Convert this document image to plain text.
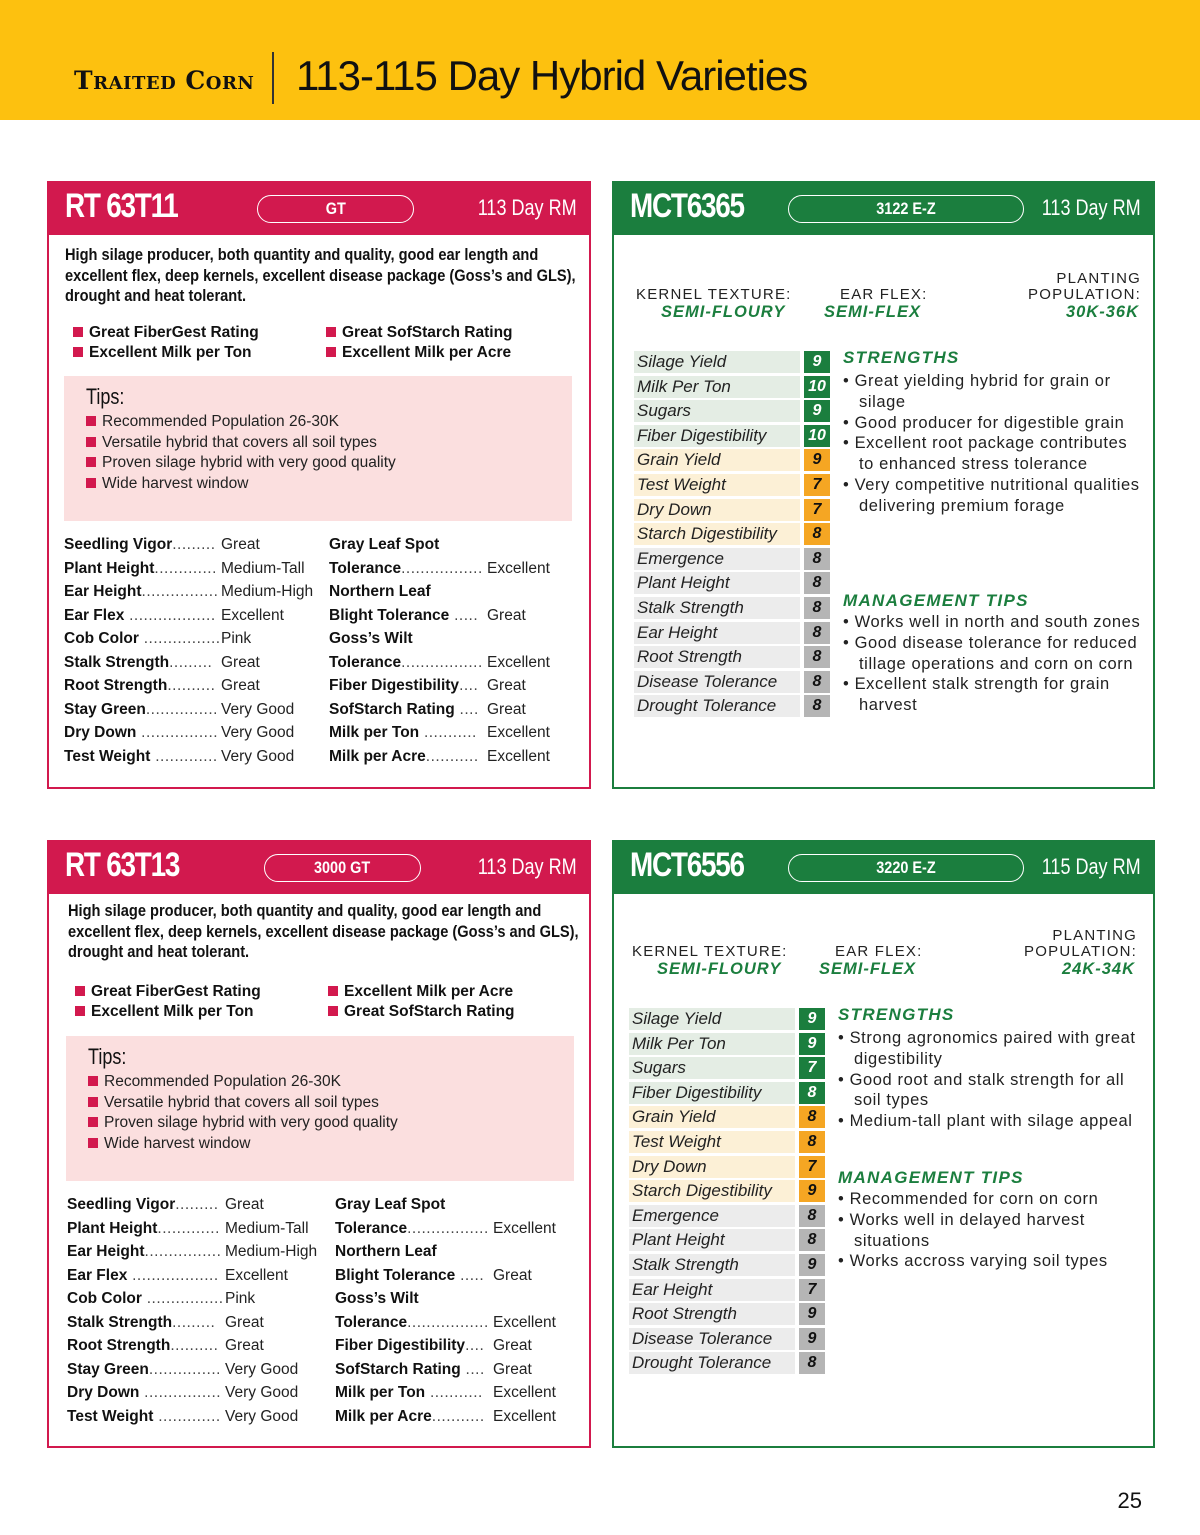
Traited Corn 113-115 Day Hybrid Varieties
RT 63T11	GT	113 Day RM
High silage producer, both quantity and quality, good ear length and excellent flex, deep kernels, excellent disease package (Goss’s and GLS), drought and heat tolerant.
Great FiberGest Rating
Excellent Milk per Ton
Great SofStarch Rating
Excellent Milk per Acre
Tips:
Recommended Population 26-30K
Versatile hybrid that covers all soil types
Proven silage hybrid with very good quality
Wide harvest window
Seedling Vigor......... Great
Plant Height............. Medium-Tall
Ear Height................ Medium-High
Ear Flex .................. Excellent
Cob Color ................ Pink
Stalk Strength......... Great
Root Strength.......... Great
Stay Green............... Very Good
Dry Down ................ Very Good
Test Weight ............. Very Good
Gray Leaf Spot
Tolerance................. Excellent
Northern Leaf
Blight Tolerance ..... Great
Goss’s Wilt
Tolerance................. Excellent
Fiber Digestibility.... Great
SofStarch Rating .... Great
Milk per Ton ........... Excellent
Milk per Acre........... Excellent
RT 63T13	3000 GT	113 Day RM
High silage producer, both quantity and quality, good ear length and excellent flex, deep kernels, excellent disease package (Goss’s and GLS), drought and heat tolerant.
Great FiberGest Rating
Excellent Milk per Ton
Excellent Milk per Acre
Great SofStarch Rating
Tips:
Recommended Population 26-30K
Versatile hybrid that covers all soil types
Proven silage hybrid with very good quality
Wide harvest window
Seedling Vigor......... Great
Plant Height............. Medium-Tall
Ear Height................ Medium-High
Ear Flex .................. Excellent
Cob Color ................ Pink
Stalk Strength......... Great
Root Strength.......... Great
Stay Green............... Very Good
Dry Down ................ Very Good
Test Weight ............. Very Good
Gray Leaf Spot
Tolerance................. Excellent
Northern Leaf
Blight Tolerance ..... Great
Goss’s Wilt
Tolerance................. Excellent
Fiber Digestibility.... Great
SofStarch Rating .... Great
Milk per Ton ........... Excellent
Milk per Acre........... Excellent
MCT6365	3122 E-Z	113 Day RM
KERNEL TEXTURE:
SEMI-FLOURY
EAR FLEX:
SEMI-FLEX
PLANTING
POPULATION:
30K-36K
Silage Yield	9
Milk Per Ton	10
Sugars	9
Fiber Digestibility	10
Grain Yield	9
Test Weight	7
Dry Down	7
Starch Digestibility	8
Emergence	8
Plant Height	8
Stalk Strength	8
Ear Height	8
Root Strength	8
Disease Tolerance	8
Drought Tolerance	8
STRENGTHS
• Great yielding hybrid for grain or silage
• Good producer for digestible grain
• Excellent root package contributes to enhanced stress tolerance
• Very competitive nutritional qualities delivering premium forage
MANAGEMENT TIPS
• Works well in north and south zones
• Good disease tolerance for reduced tillage operations and corn on corn
• Excellent stalk strength for grain harvest
MCT6556	3220 E-Z	115 Day RM
KERNEL TEXTURE:
SEMI-FLOURY
EAR FLEX:
SEMI-FLEX
PLANTING
POPULATION:
24K-34K
Silage Yield	9
Milk Per Ton	9
Sugars	7
Fiber Digestibility	8
Grain Yield	8
Test Weight	8
Dry Down	7
Starch Digestibility	9
Emergence	8
Plant Height	8
Stalk Strength	9
Ear Height	7
Root Strength	9
Disease Tolerance	9
Drought Tolerance	8
STRENGTHS
• Strong agronomics paired with great digestibility
• Good root and stalk strength for all soil types
• Medium-tall plant with silage appeal
MANAGEMENT TIPS
• Recommended for corn on corn
• Works well in delayed harvest situations
• Works accross varying soil types
25
